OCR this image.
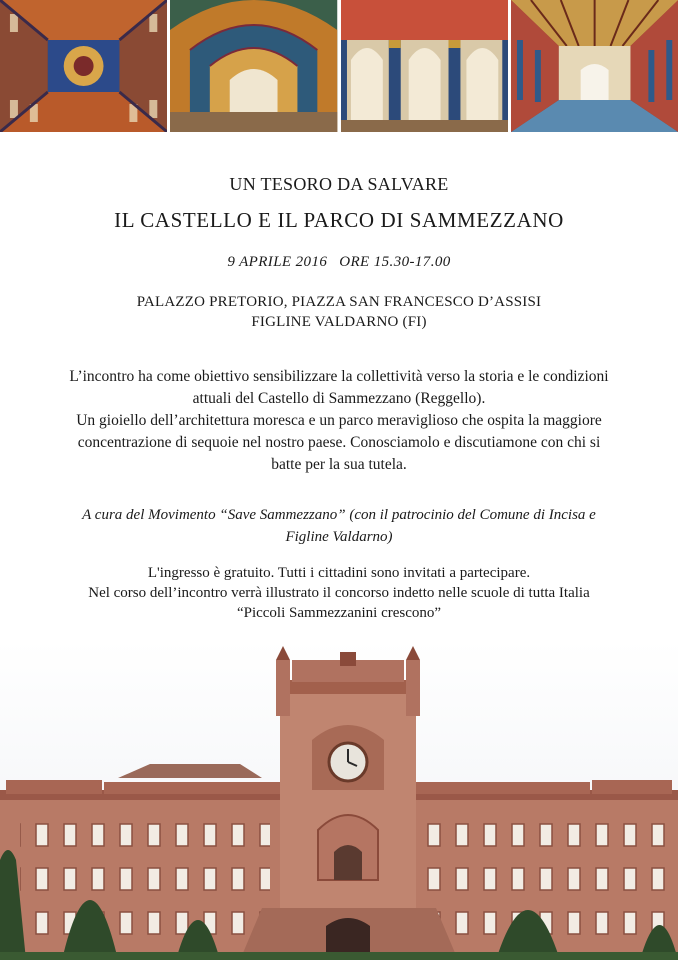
UN TESORO DA SALVARE
IL CASTELLO E IL PARCO DI SAMMEZZANO
9 APRILE 2016 ORE 15.30-17.00
PALAZZO PRETORIO, PIAZZA SAN FRANCESCO D’ASSISI
FIGLINE VALDARNO (FI)
L’incontro ha come obiettivo sensibilizzare la collettività verso la storia e le condizioni
attuali del Castello di Sammezzano (Reggello).
Un gioiello dell’architettura moresca e un parco meraviglioso che ospita la maggiore
concentrazione di sequoie nel nostro paese. Conosciamolo e discutiamone con chi si
batte per la sua tutela.
A cura del Movimento “Save Sammezzano” (con il patrocinio del Comune di Incisa e
Figline Valdarno)
L'ingresso è gratuito. Tutti i cittadini sono invitati a partecipare.
Nel corso dell’incontro verrà illustrato il concorso indetto nelle scuole di tutta Italia
“Piccoli Sammezzanini crescono”
